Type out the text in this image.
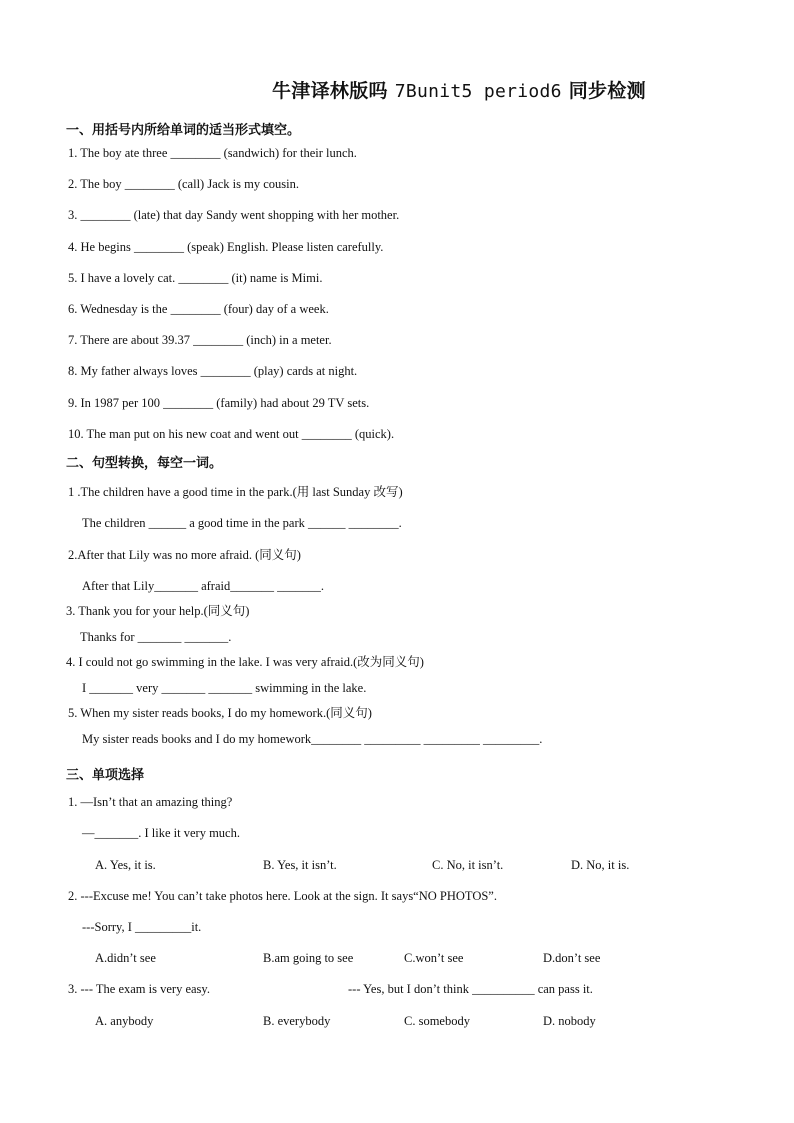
牛津译林版吗 7Bunit5 period6 同步检测
一、用括号内所给单词的适当形式填空。
1. The boy ate three ________ (sandwich) for their lunch.
2. The boy ________ (call) Jack is my cousin.
3. ________ (late) that day Sandy went shopping with her mother.
4. He begins ________ (speak) English. Please listen carefully.
5. I have a lovely cat. ________ (it) name is Mimi.
6. Wednesday is the ________ (four) day of a week.
7. There are about 39.37 ________ (inch) in a meter.
8. My father always loves ________ (play) cards at night.
9. In 1987 per 100 ________ (family) had about 29 TV sets.
10. The man put on his new coat and went out ________ (quick).
二、句型转换，每空一词。
1 .The children have a good time in the park.(用 last Sunday 改写)
The children ______ a good time in the park ______ ________.
2.After that Lily was no more afraid. (同义句)
After that Lily_______ afraid_______ _______.
3. Thank you for your help.(同义句)
Thanks for _______ _______.
4. I could not go swimming in the lake. I was very afraid.(改为同义句)
I _______ very _______ _______ swimming in the lake.
5. When my sister reads books, I do my homework.(同义句)
My sister reads books and I do my homework________ _________ _________ _________.
三、单项选择
1. —Isn’t that an amazing thing?
—_______. I like it very much.
A. Yes, it is.	B. Yes, it isn’t.	C. No, it isn’t.	D. No, it is.
2. ---Excuse me! You can’t take photos here. Look at the sign. It says“NO PHOTOS”.
---Sorry, I _________it.
A.didn’t see	B.am going to see	C.won’t see	D.don’t see
3. --- The exam is very easy.	--- Yes, but I don’t think __________ can pass it.
A. anybody	B. everybody	C. somebody	D. nobody
